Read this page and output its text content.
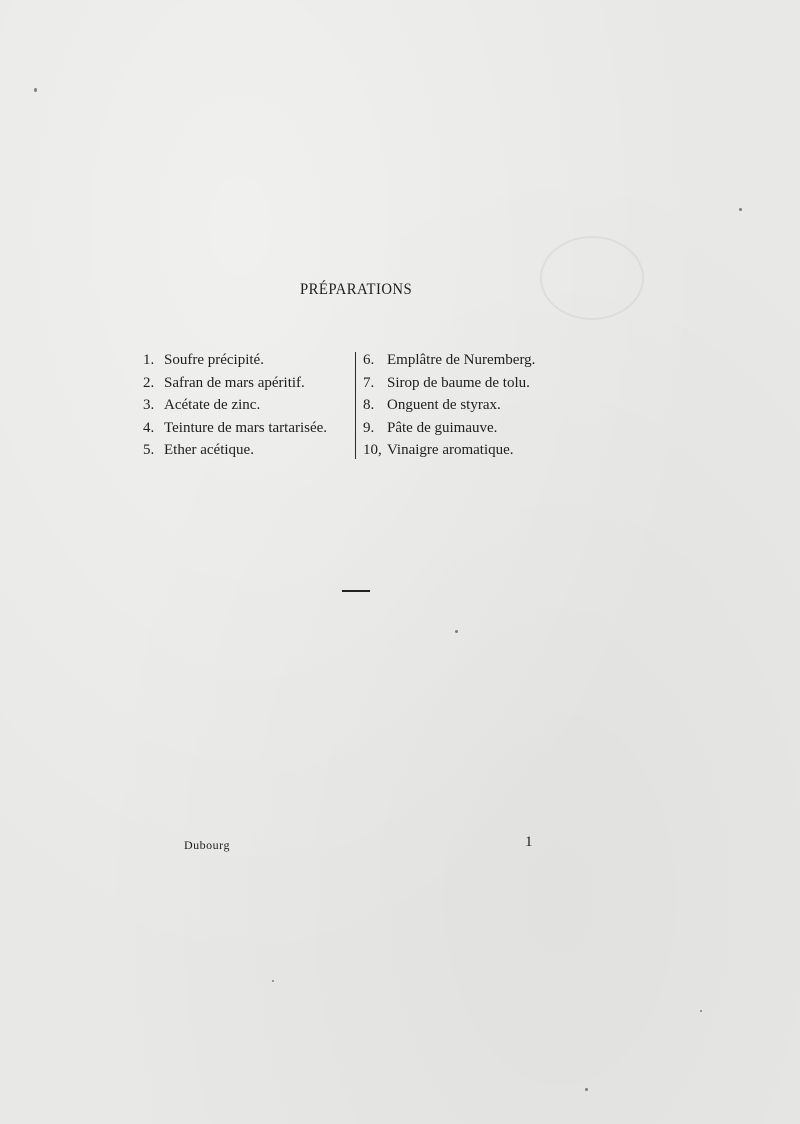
PRÉPARATIONS
1. Soufre précipité.
2. Safran de mars apéritif.
3. Acétate de zinc.
4. Teinture de mars tartarisée.
5. Ether acétique.
6. Emplâtre de Nuremberg.
7. Sirop de baume de tolu.
8. Onguent de styrax.
9. Pâte de guimauve.
10, Vinaigre aromatique.
Dubourg	1
